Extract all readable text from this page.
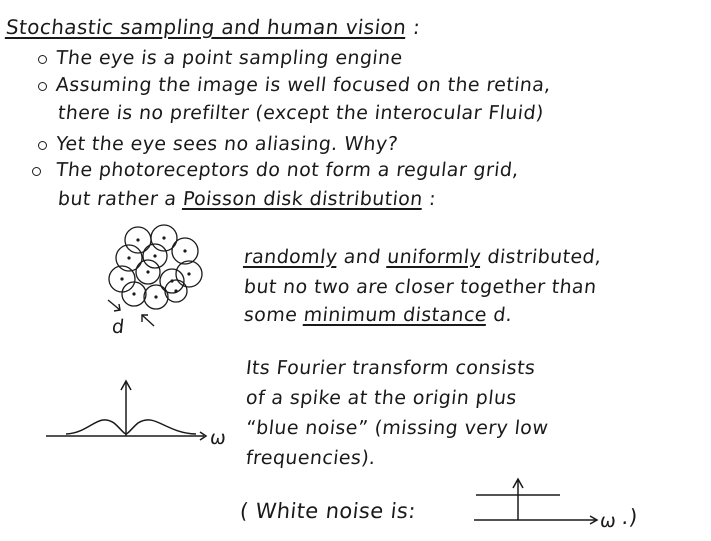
Stochastic sampling and human vision :
The eye is a point sampling engine
Assuming the image is well focused on the retina,
there is no prefilter (except the interocular Fluid)
Yet the eye sees no aliasing. Why?
The photoreceptors do not form a regular grid,
but rather a Poisson disk distribution :
d
randomly and uniformly distributed,
but no two are closer together than
some minimum distance d.
ω
Its Fourier transform consists
of a spike at the origin plus
“blue noise” (missing very low
frequencies).
( White noise is:	ω .)
